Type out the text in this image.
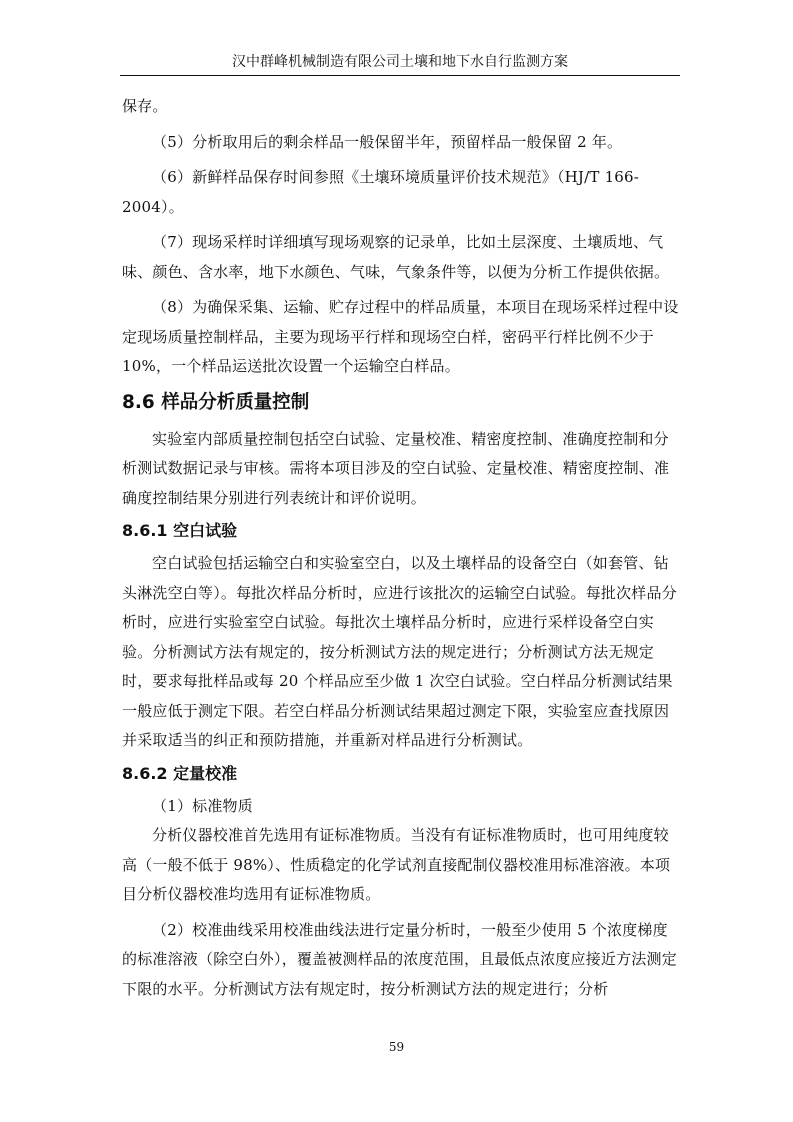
汉中群峰机械制造有限公司土壤和地下水自行监测方案

保存。

（5）分析取用后的剩余样品一般保留半年，预留样品一般保留 2 年。

（6）新鲜样品保存时间参照《土壤环境质量评价技术规范》（HJ/T 166-2004）。

（7）现场采样时详细填写现场观察的记录单，比如土层深度、土壤质地、气味、颜色、含水率，地下水颜色、气味，气象条件等，以便为分析工作提供依据。

（8）为确保采集、运输、贮存过程中的样品质量，本项目在现场采样过程中设定现场质量控制样品，主要为现场平行样和现场空白样，密码平行样比例不少于 10%，一个样品运送批次设置一个运输空白样品。

8.6 样品分析质量控制

实验室内部质量控制包括空白试验、定量校准、精密度控制、准确度控制和分析测试数据记录与审核。需将本项目涉及的空白试验、定量校准、精密度控制、准确度控制结果分别进行列表统计和评价说明。

8.6.1 空白试验

空白试验包括运输空白和实验室空白，以及土壤样品的设备空白（如套管、钻头淋洗空白等）。每批次样品分析时，应进行该批次的运输空白试验。每批次样品分析时，应进行实验室空白试验。每批次土壤样品分析时，应进行采样设备空白实验。分析测试方法有规定的，按分析测试方法的规定进行；分析测试方法无规定时，要求每批样品或每 20 个样品应至少做 1 次空白试验。空白样品分析测试结果一般应低于测定下限。若空白样品分析测试结果超过测定下限，实验室应查找原因并采取适当的纠正和预防措施，并重新对样品进行分析测试。

8.6.2 定量校准

（1）标准物质

分析仪器校准首先选用有证标准物质。当没有有证标准物质时，也可用纯度较高（一般不低于 98%）、性质稳定的化学试剂直接配制仪器校准用标准溶液。本项目分析仪器校准均选用有证标准物质。

（2）校准曲线采用校准曲线法进行定量分析时，一般至少使用 5 个浓度梯度的标准溶液（除空白外），覆盖被测样品的浓度范围，且最低点浓度应接近方法测定下限的水平。分析测试方法有规定时，按分析测试方法的规定进行；分析

59
